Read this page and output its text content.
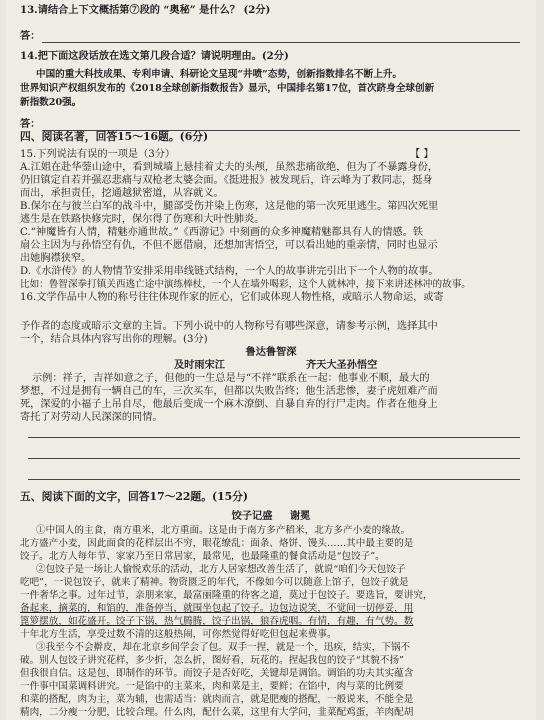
13.请结合上下文概括第⑦段的 “奥秘” 是什么？ (2分)
答：
14.把下面这段话放在选文第几段合适？请说明理由。(2分)
中国的重大科技成果、专利申请、科研论文呈现“井喷”态势，创新指数排名不断上升。
世界知识产权组织发布的《2018全球创新指数报告》显示，中国排名第17位，首次跻身全球创新
新指数20强。
答：
四、阅读名著，回答15～16题。(6分)
15.下列说法有误的一项是（3分）	【 】
A.江姐在赴华蓥山途中，看到城墙上悬挂着丈夫的头颅，虽然悲痛欲绝，但为了不暴露身份，
仍旧镇定自若并强忍悲痛与双枪老太婆会面。《挺进报》被发现后，许云峰为了救同志，挺身
而出，承担责任，挖通越狱密道，从容就义。
B.保尔在与彼兰白军的战斗中，腿部受伤并染上伤寒，这是他的第一次死里逃生。第四次死里
逃生是在铁路快修完时，保尔得了伤寒和大叶性肺炎。
C.“神魔皆有人情，精魅亦通世故。”《西游记》中刻画的众多神魔精魅都具有人的情感。铁
扇公主因为与孙悟空有仇，不但不愿借扇，还想加害悟空，可以看出她的重亲情，同时也显示
出她胸襟狭窄。
D.《水浒传》的人物情节安排采用串线链式结构，一个人的故事讲完引出下一个人物的故事。
比如：鲁智深拳打镇关西逃亡途中演练棒杖，一个人在墙外喝彩，这个人就林冲，接下来讲述林冲的故事。
16.文学作品中人物的称号往往体现作家的匠心，它们或体现人物性格，或暗示人物命运，或寄
予作者的态度或暗示文章的主旨。下列小说中的人物称号有哪些深意，请参考示例，选择其中
一个，结合具体内容写出你的理解。(3分)
鲁达鲁智深
及时雨宋江	齐天大圣孙悟空
示例：祥子，吉祥如意之子，但他的一生总是与“不祥”联系在一起：他事业不顺，最大的
梦想，不过是拥有一辆自己的车，三次买车，但都以失败告终；他生活悲惨，妻子虎妞难产而
死，深爱的小福子上吊自尽，他最后变成一个麻木潦倒、自暴自弃的行尸走肉。作者在他身上
寄托了对劳动人民深深的同情。
五、阅读下面的文字，回答17～22题。(15分)
饺子记盛 谢冕
①中国人的主食，南方重米，北方重面。这是由于南方多产稻米，北方多产小麦的缘故。
北方盛产小麦，因此面食的花样层出不穷，眼花缭乱：面条、烙饼、馒头……其中最主要的是
饺子。北方人每年节、家家乃至日常居家，最常见，也最隆重的餐食活动是“包饺子”。
②包饺子是一场让人愉悦欢乐的活动，北方人居家想改善生活了，就说“咱们今天包饺子
吃吧”，一说包饺子，就来了精神。物资匮乏的年代，不像如今可以随意上馆子，包饺子就是
一件奢华之事。过年过节，亲朋来家，最富丽隆重的待客之道，莫过于包饺子。要选旨，要讲究，
备起来，摘菜的，和馅的，准备停当，就围坐包起了饺子。边包边说笑，不觉间一切停妥，用
篦箩摆放，如花盛开。饺子下锅，热气腾腾，饺子出锅，狼吞虎咽。有情，有趣，有气势。数
十年北方生活，享受过数不清的这般热闹，可你然觉得好吃但包起来费事。
③我至今不会擀皮，却在北京乡间学会了包。双手一捏，就是一个，迅疾，结实，下锅不
破。别人包饺子讲究花样，多少折，怎么折，图好看，玩花的。捏起我包的饺子“其貌不扬”
但我很自信。这是包，即制作的环节。而饺子是否好吃，关键却是调馅。调馅的功夫其实蕴含
一件事中国菜调料讲究。一是馅中的主菜来，肉和菜是主，要鲜；在馅中，肉与菜的比例要
和菜的搭配，肉为主，菜为辅，也需适当：就肉而言，就是肥瘦的搭配，一般说来，不能全是
精肉，二分瘦一分肥，比较合理。什么肉，配什么菜，这里有大学问，韭菜配鸡蛋，羊肉配胡
